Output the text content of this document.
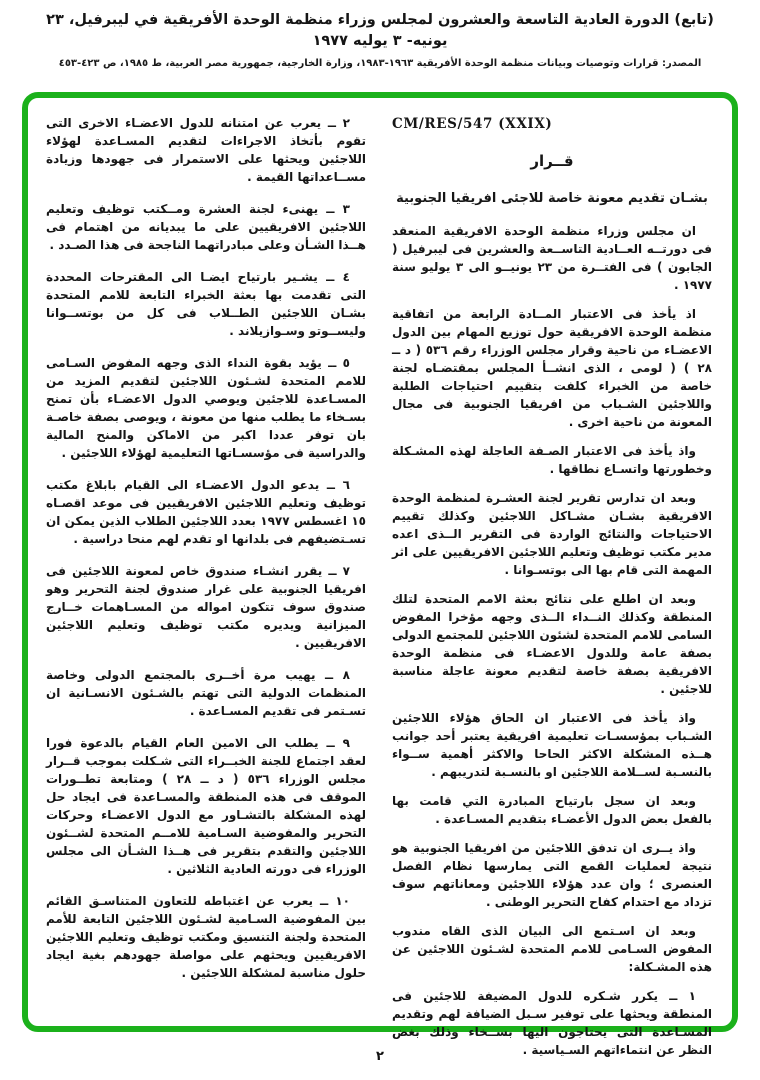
(تابع) الدورة العادية التاسعة والعشرون لمجلس وزراء منظمة الوحدة الأفريقية في ليبرفيل، ٢٣ يونيه- ٣ يوليه ١٩٧٧
المصدر: قرارات وتوصيات وبيانات منظمة الوحدة الأفريقية ١٩٦٣-١٩٨٣، وزارة الخارجية، جمهورية مصر العربية، ط ١٩٨٥، ص ٤٢٣-٤٥٣
CM/RES/547 (XXIX)
قــرار
بشـان تقديم معونة خاصة للاجئى افريقيا الجنوبية

ان مجلس وزراء منظمة الوحدة الافريقية المنعقد فى دورتــه العــادية التاســعة والعشرين فى ليبرفيل ( الجابون ) فى الفتــرة من ٢٣ يونيــو الى ٣ يوليو سنة ١٩٧٧ .

اذ يأخذ فى الاعتبار المــادة الرابعة من اتفاقية منظمة الوحدة الافريقية حول توزيع المهام بين الدول الاعضـاء من ناحية وقرار مجلس الوزراء رقم ٥٣٦ ( د ــ ٢٨ ) ( لومى ، الذى انشــأ المجلس بمقتضـاه لجنة خاصة من الخبراء كلفت بتقييم احتياجات الطلبة واللاجئين الشـباب من افريقيا الجنوبية فى مجال المعونة من ناحية اخرى .

واذ يأخذ فى الاعتبار الصـفة العاجلة لهذه المشـكلة وخطورتها واتسـاع نطاقها .

وبعد ان تدارس تقرير لجنة العشـرة لمنظمة الوحدة الافريقية بشـان مشـاكل اللاجئين وكذلك تقييم الاحتياجات والنتائج الواردة فى التقرير الــذى اعده مدير مكتب توظيف وتعليم اللاجئين الافريقيين على اثر المهمة التى قام بها الى بوتسـوانا .

وبعد ان اطلع على نتائج بعثة الامم المتحدة لتلك المنطقة وكذلك النــداء الــذى وجهه مؤخرا المفوض السامى للامم المتحدة لشئون اللاجئين للمجتمع الدولى بصفة عامة وللدول الاعضـاء فى منظمة الوحدة الافريقية بصفة خاصة لتقديم معونة عاجلة مناسبة للاجئين .

واذ يأخذ فى الاعتبار ان الحاق هؤلاء اللاجئين الشـباب بمؤسسـات تعليمية افريقية يعتبر أحد جوانب هــذه المشكلة الاكثر الحاحا والاكثر أهمية ســواء بالنسـبة لســلامة اللاجئين او بالنسـبة لتدريبهم .

وبعد ان سجل بارتياح المبادرة التي قامت بها بالفعل بعض الدول الأعضـاء بتقديم المسـاعدة .

واذ يــرى ان تدفق اللاجئين من افريقيا الجنوبية هو نتيجة لعمليات القمع التى يمارسها نظام الفصل العنصرى ؛ وان عدد هؤلاء اللاجئين ومعاناتهم سوف تزداد مع احتدام كفاح التحرير الوطنى .

وبعد ان اسـتمع الى البيان الذى القاه مندوب المفوض السـامى للامم المتحدة لشـئون اللاجئين عن هذه المشـكلة:

١ ــ يكرر شـكره للدول المضيفة للاجئين فى المنطقة ويحثها على توفير سـبل الضيافة لهم وتقديم المسـاعدة التى يحتاجون اليها بســخاء وذلك بغض النظر عن انتماءاتهم السـياسية .

٢ ــ يعرب عن امتنانه للدول الاعضـاء الاخرى التى تقوم بأتخاذ الاجراءات لتقديم المسـاعدة لهؤلاء اللاجئين ويحثها على الاستمرار فى جهودها وزيادة مســاعداتها القيمة .

٣ ــ يهنىء لجنة العشرة ومــكتب توظيف وتعليم اللاجئين الافريقيين على ما يبديانه من اهتمام فى هــذا الشـأن وعلى مبادراتهما الناجحة فى هذا الصـدد .

٤ ــ يشـير بارتياح ايضـا الى المقترحات المحددة التى تقدمت بها بعثة الخبراء التابعة للامم المتحدة بشـان اللاجئين الطــلاب فى كل من بوتســوانا وليســوتو وسـوازيلاند .

٥ ــ يؤيد بقوة النداء الذى وجهه المفوض السـامى للامم المتحدة لشـئون اللاجئين لتقديم المزيد من المسـاعدة للاجئين ويوصي الدول الاعضـاء بأن تمنح بسـخاء ما يطلب منها من معونة ، ويوصى بصفة خاصـة بان توفر عددا اكبر من الاماكن والمنح المالية والدراسية فى مؤسسـاتها التعليمية لهؤلاء اللاجئين .

٦ ــ يدعو الدول الاعضـاء الى القيام بابلاغ مكتب توظيف وتعليم اللاجئين الافريقيين فى موعد اقصـاه ١٥ اغسطس ١٩٧٧ بعدد اللاجئين الطلاب الذين يمكن ان تسـتضيفهم فى بلدانها او تقدم لهم منحا دراسية .

٧ ــ يقرر انشـاء صندوق خاص لمعونة اللاجئين فى افريقيا الجنوبية على غرار صندوق لجنة التحرير وهو صندوق سوف تتكون امواله من المسـاهمات خــارج الميزانية ويديره مكتب توظيف وتعليم اللاجئين الافريقيين .

٨ ــ يهيب مرة أخــرى بالمجتمع الدولى وخاصة المنظمات الدولية التى تهتم بالشـئون الانسـانية ان تسـتمر فى تقديم المسـاعدة .

٩ ــ يطلب الى الامين العام القيام بالدعوة فورا لعقد اجتماع للجنة الخبــراء التى شـكلت بموجب قــرار مجلس الوزراء ٥٣٦ ( د ــ ٢٨ ) ومتابعة تطــورات الموقف فى هذه المنطقة والمسـاعدة فى ايجاد حل لهذه المشكلة بالتشـاور مع الدول الاعضـاء وحركات التحرير والمفوضية السـامية للامــم المتحدة لشــئون اللاجئين والتقدم بتقرير فى هــذا الشـأن الى مجلس الوزراء فى دورته العادية الثلاثين .

١٠ ــ يعرب عن اغتباطه للتعاون المتناسـق القائم بين المفوضية السـامية لشـئون اللاجئين التابعة للأمم المتحدة ولجنة التنسيق ومكتب توظيف وتعليم اللاجئين الافريقيين ويحثهم على مواصلة جهودهم بغية ايجاد حلول مناسبة لمشكلة اللاجئين .

٢
